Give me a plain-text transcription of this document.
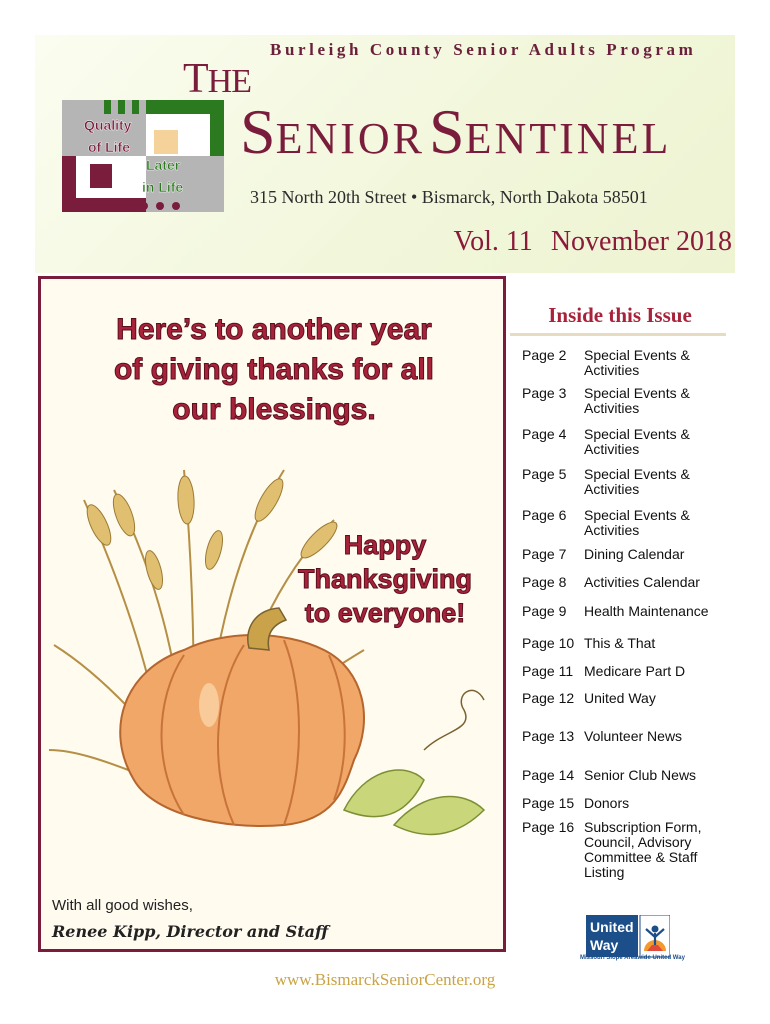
Burleigh County Senior Adults Program
Quality
of Life
Later
in Life
THE
SENIOR SENTINEL
315 North 20th Street • Bismarck, North Dakota 58501
Vol. 11 November 2018
Here’s to another year
of giving thanks for all
our blessings.
Happy
Thanksgiving
to everyone!
With all good wishes,
Renee Kipp, Director and Staff
Inside this Issue
Page 2 Special Events & Activities
Page 3 Special Events & Activities
Page 4 Special Events & Activities
Page 5 Special Events & Activities
Page 6 Special Events & Activities
Page 7 Dining Calendar
Page 8 Activities Calendar
Page 9 Health Maintenance
Page 10 This & That
Page 11 Medicare Part D
Page 12 United Way
Page 13 Volunteer News
Page 14 Senior Club News
Page 15 Donors
Page 16 Subscription Form, Council, Advisory Committee & Staff Listing
United
Way
Missouri Slope Areawide United Way
www.BismarckSeniorCenter.org
